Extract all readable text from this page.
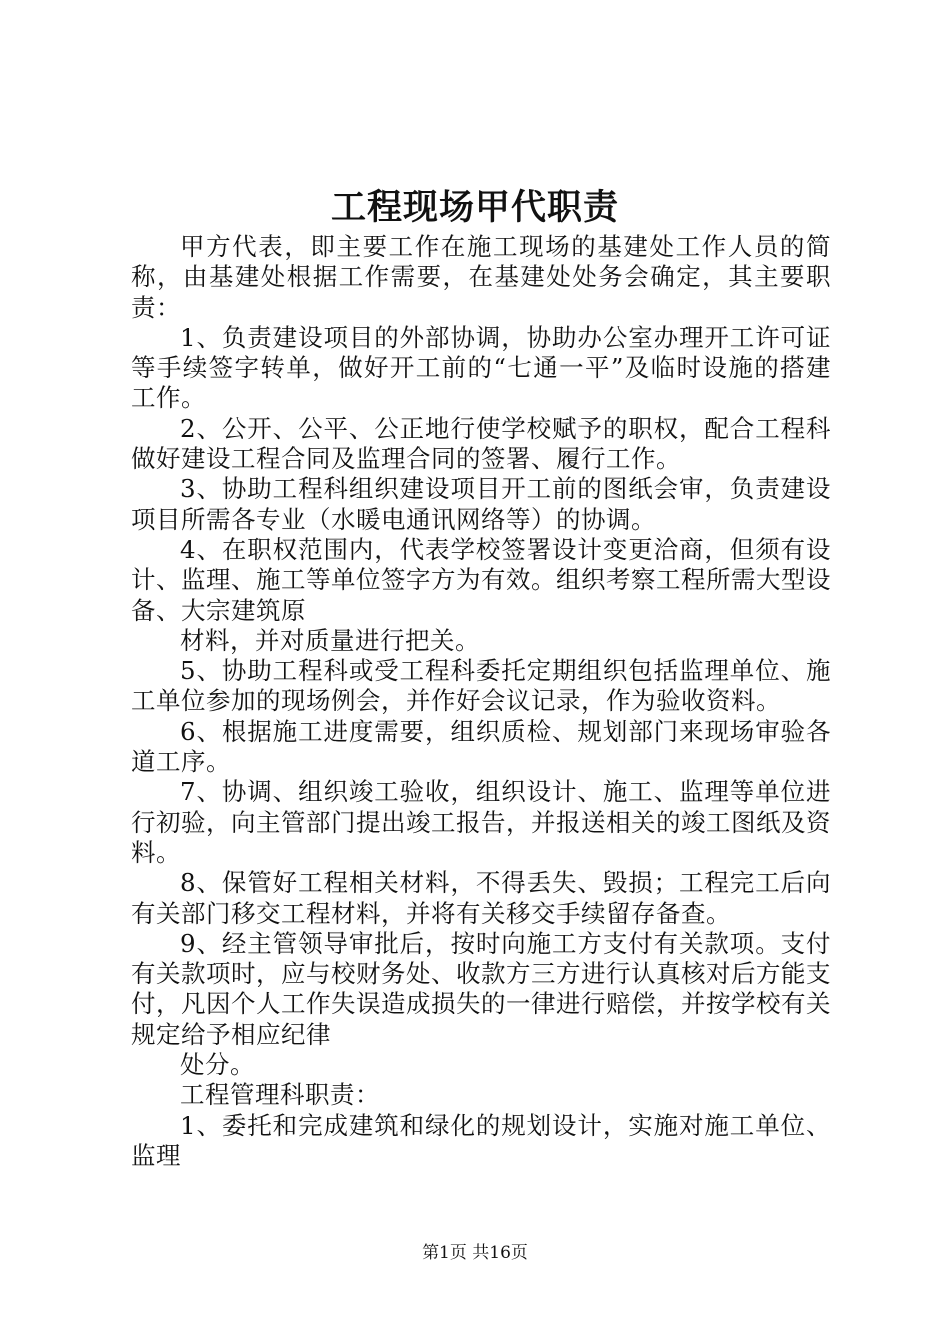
工程现场甲代职责

甲方代表，即主要工作在施工现场的基建处工作人员的简称，由基建处根据工作需要，在基建处处务会确定，其主要职责：

1、负责建设项目的外部协调，协助办公室办理开工许可证等手续签字转单，做好开工前的“七通一平”及临时设施的搭建工作。

2、公开、公平、公正地行使学校赋予的职权，配合工程科做好建设工程合同及监理合同的签署、履行工作。

3、协助工程科组织建设项目开工前的图纸会审，负责建设项目所需各专业（水暖电通讯网络等）的协调。

4、在职权范围内，代表学校签署设计变更洽商，但须有设计、监理、施工等单位签字方为有效。组织考察工程所需大型设备、大宗建筑原

材料，并对质量进行把关。

5、协助工程科或受工程科委托定期组织包括监理单位、施工单位参加的现场例会，并作好会议记录，作为验收资料。

6、根据施工进度需要，组织质检、规划部门来现场审验各道工序。

7、协调、组织竣工验收，组织设计、施工、监理等单位进行初验，向主管部门提出竣工报告，并报送相关的竣工图纸及资料。

8、保管好工程相关材料，不得丢失、毁损；工程完工后向有关部门移交工程材料，并将有关移交手续留存备查。

9、经主管领导审批后，按时向施工方支付有关款项。支付有关款项时，应与校财务处、收款方三方进行认真核对后方能支付，凡因个人工作失误造成损失的一律进行赔偿，并按学校有关规定给予相应纪律

处分。

工程管理科职责：

1、委托和完成建筑和绿化的规划设计，实施对施工单位、监理

第1页 共16页
